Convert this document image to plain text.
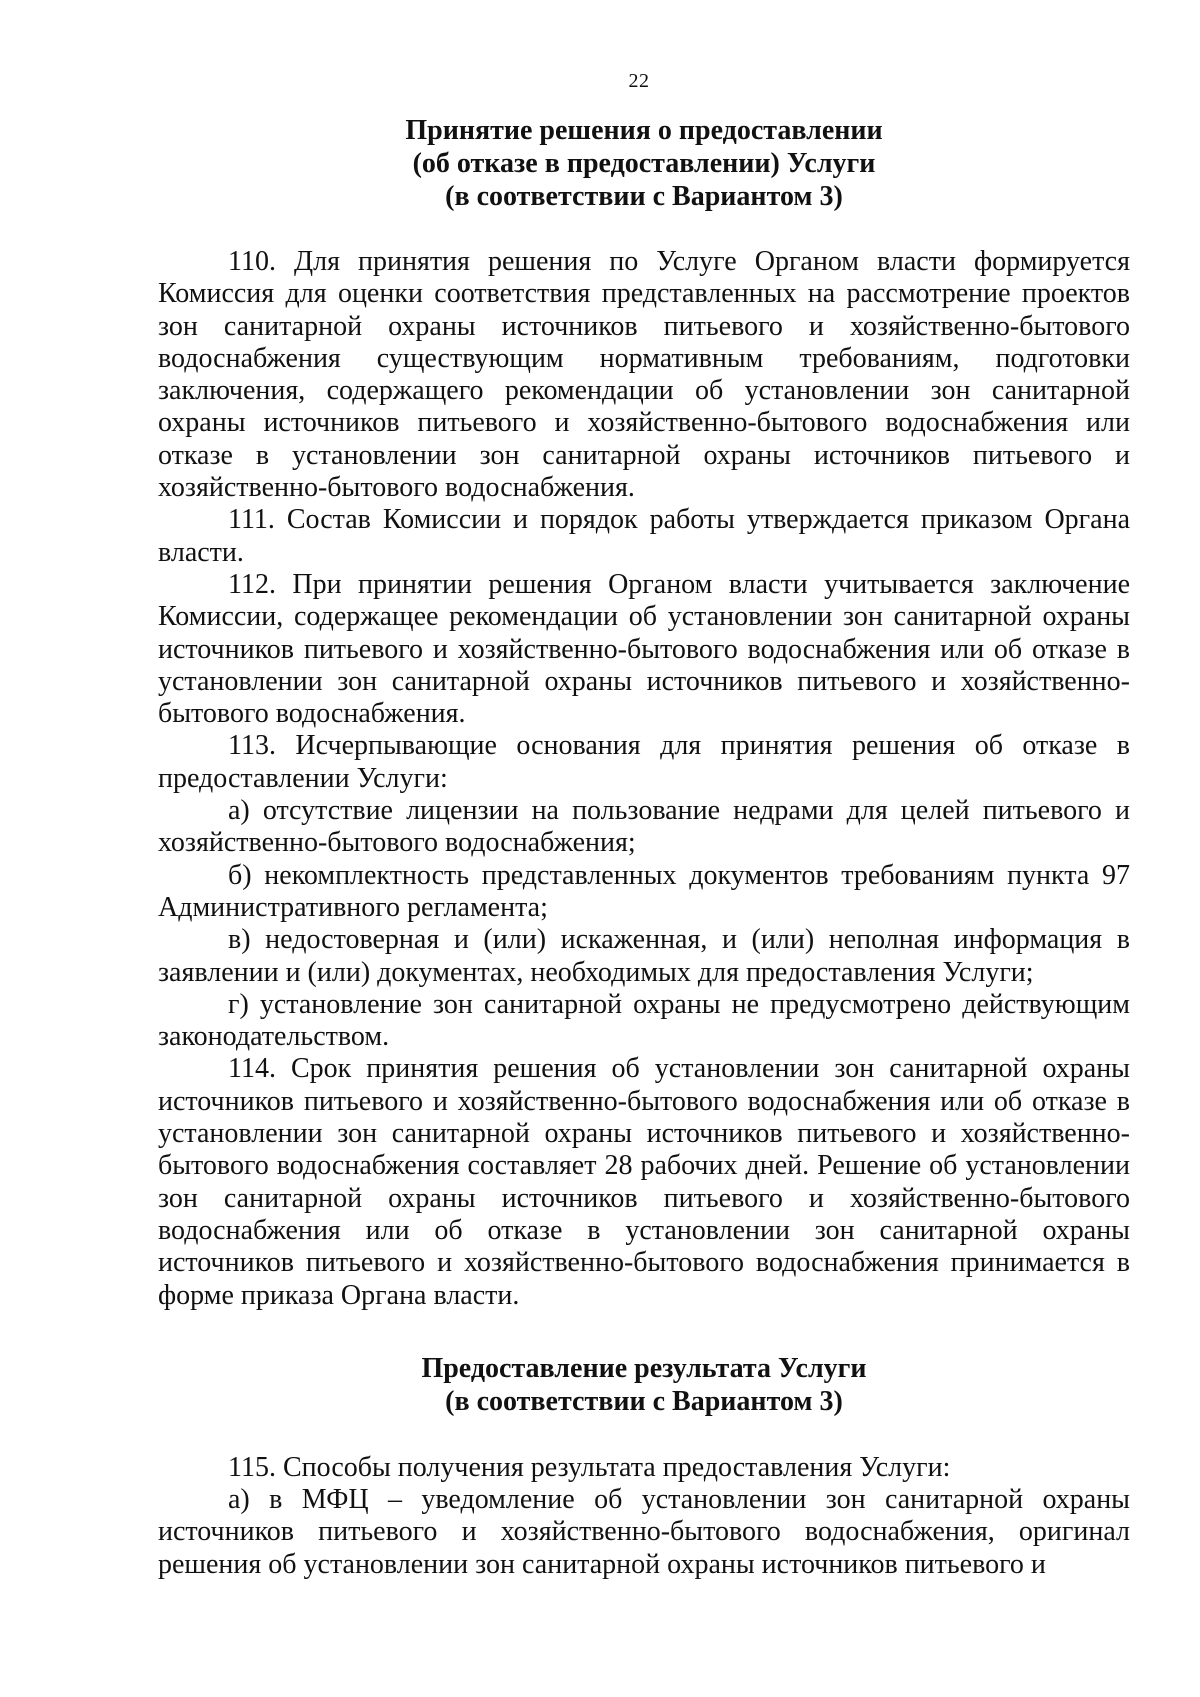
22
Принятие решения о предоставлении
(об отказе в предоставлении) Услуги
(в соответствии с Вариантом 3)

110. Для принятия решения по Услуге Органом власти формируется Комиссия для оценки соответствия представленных на рассмотрение проектов зон санитарной охраны источников питьевого и хозяйственно-бытового водоснабжения существующим нормативным требованиям, подготовки заключения, содержащего рекомендации об установлении зон санитарной охраны источников питьевого и хозяйственно-бытового водоснабжения или отказе в установлении зон санитарной охраны источников питьевого и хозяйственно-бытового водоснабжения.

111. Состав Комиссии и порядок работы утверждается приказом Органа власти.

112. При принятии решения Органом власти учитывается заключение Комиссии, содержащее рекомендации об установлении зон санитарной охраны источников питьевого и хозяйственно-бытового водоснабжения или об отказе в установлении зон санитарной охраны источников питьевого и хозяйственно-бытового водоснабжения.

113. Исчерпывающие основания для принятия решения об отказе в предоставлении Услуги:

а) отсутствие лицензии на пользование недрами для целей питьевого и хозяйственно-бытового водоснабжения;

б) некомплектность представленных документов требованиям пункта 97 Административного регламента;

в) недостоверная и (или) искаженная, и (или) неполная информация в заявлении и (или) документах, необходимых для предоставления Услуги;

г) установление зон санитарной охраны не предусмотрено действующим законодательством.

114. Срок принятия решения об установлении зон санитарной охраны источников питьевого и хозяйственно-бытового водоснабжения или об отказе в установлении зон санитарной охраны источников питьевого и хозяйственно-бытового водоснабжения составляет 28 рабочих дней. Решение об установлении зон санитарной охраны источников питьевого и хозяйственно-бытового водоснабжения или об отказе в установлении зон санитарной охраны источников питьевого и хозяйственно-бытового водоснабжения принимается в форме приказа Органа власти.

Предоставление результата Услуги
(в соответствии с Вариантом 3)

115. Способы получения результата предоставления Услуги:

а) в МФЦ – уведомление об установлении зон санитарной охраны источников питьевого и хозяйственно-бытового водоснабжения, оригинал решения об установлении зон санитарной охраны источников питьевого и
